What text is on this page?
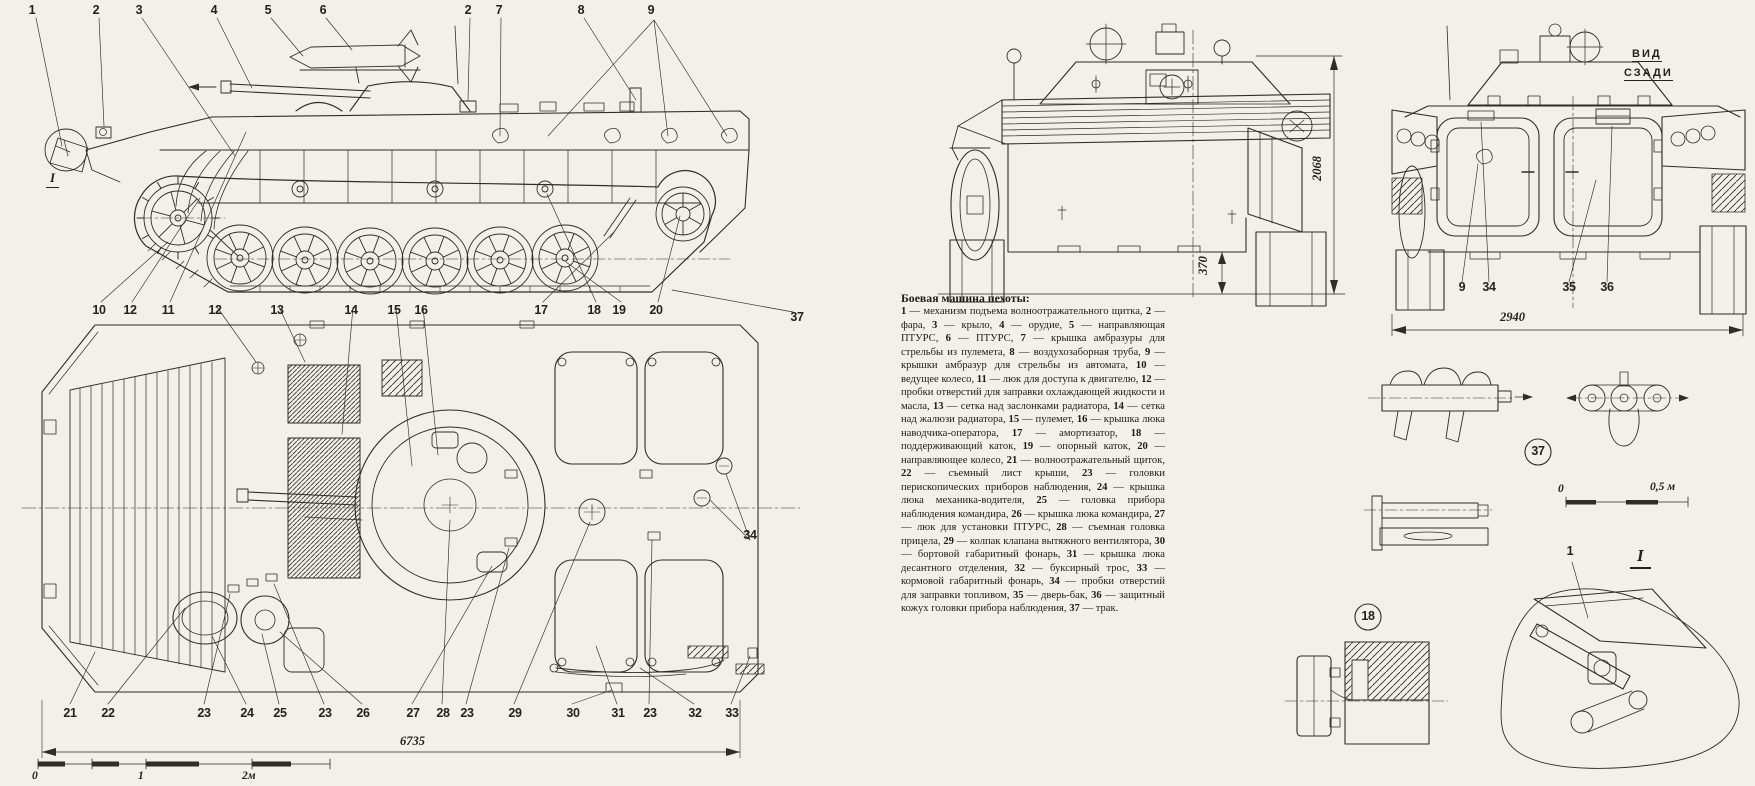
1	2	3	4	5	6	2 7	8	9
10 12 11	12	13	14 15 16	17	18 19 20	37
I
21 22	23 24 25	23 26	27 28 23	29	30	31 23	32 33
34
6735
0	1	2м
2068
370
ВИД
СЗАДИ
9 34	35 36
2940
37
18
0	0,5 м
I
1
Боевая машина пехоты:
1 — механизм подъема волноотражательного щитка, 2 — фара, 3 — крыло, 4 — орудие, 5 — направляющая ПТУРС, 6 — ПТУРС, 7 — крышка амбразуры для стрельбы из пулемета, 8 — воздухозаборная труба, 9 — крышки амбразур для стрельбы из автомата, 10 — ведущее колесо, 11 — люк для доступа к двигателю, 12 — пробки отверстий для заправки охлаждающей жидкости и масла, 13 — сетка над заслонками радиатора, 14 — сетка над жалюзи радиатора, 15 — пулемет, 16 — крышка люка наводчика-оператора, 17 — амортизатор, 18 — поддерживающий каток, 19 — опорный каток, 20 — направляющее колесо, 21 — волноотражательный щиток, 22 — съемный лист крыши, 23 — головки перископических приборов наблюдения, 24 — крышка люка механика-водителя, 25 — головка прибора наблюдения командира, 26 — крышка люка командира, 27 — люк для установки ПТУРС, 28 — съемная головка прицела, 29 — колпак клапана вытяжного вентилятора, 30 — бортовой габаритный фонарь, 31 — крышка люка десантного отделения, 32 — буксирный трос, 33 — кормовой габаритный фонарь, 34 — пробки отверстий для заправки топливом, 35 — дверь-бак, 36 — защитный кожух головки прибора наблюдения, 37 — трак.
